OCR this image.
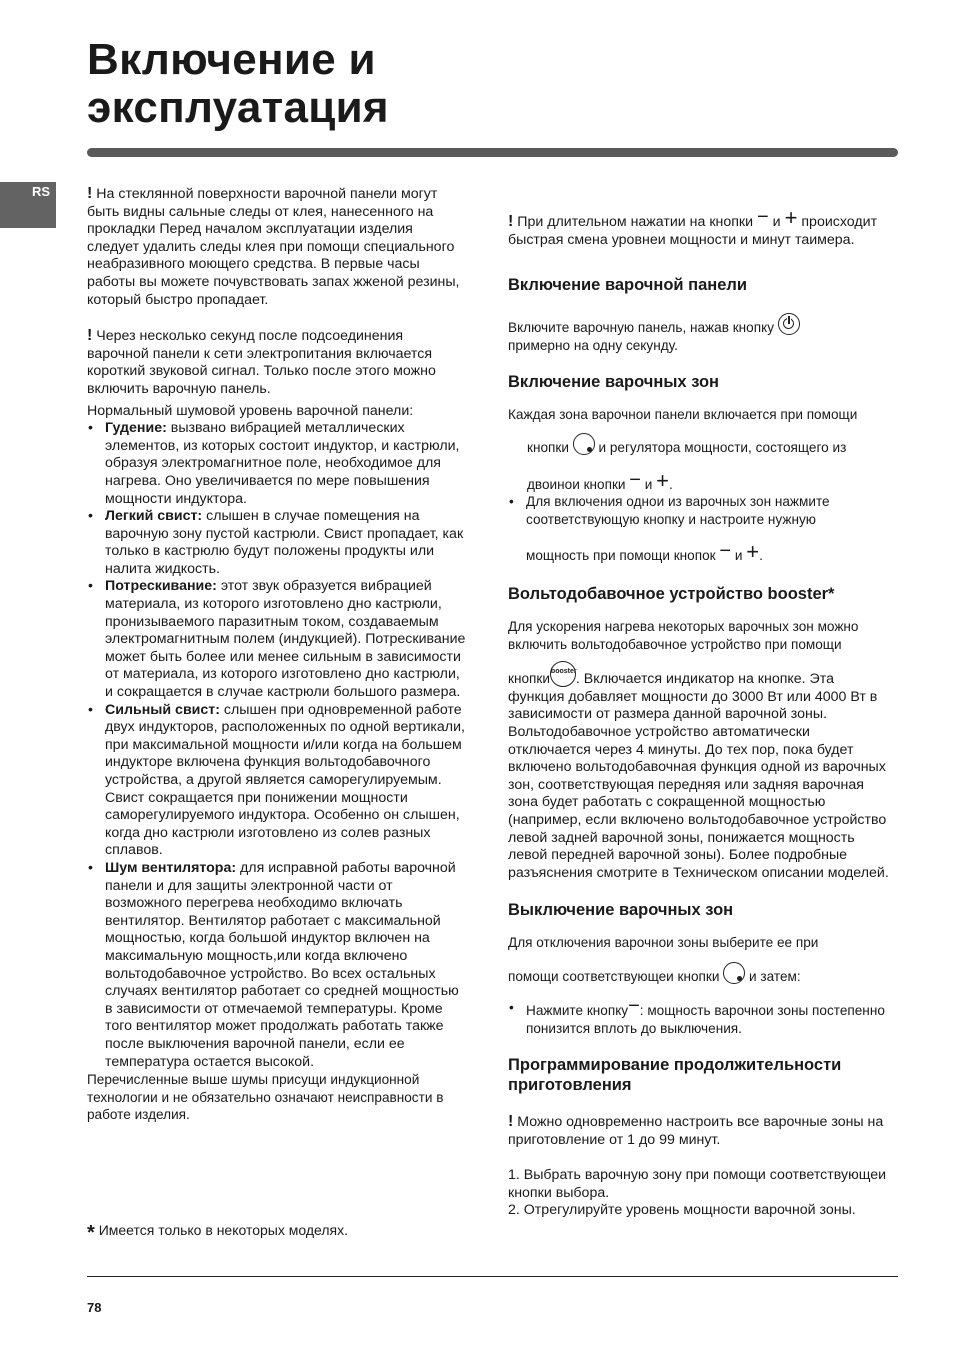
Включение и
эксплуатация
RS	! На стеклянной поверхности варочной панели могут быть видны сальные следы от клея, нанесенного на прокладки Перед началом эксплуатации изделия следует удалить следы клея при помощи специального неабразивного моющего средства. В первые часы работы вы можете почувствовать запах жженой резины, который быстро пропадает.

! Через несколько секунд после подсоединения варочной панели к сети электропитания включается короткий звуковой сигнал. Только после этого можно включить варочную панель.

Нормальный шумовой уровень варочной панели:

• Гудение: вызвано вибрацией металлических элементов, из которых состоит индуктор, и кастрюли, образуя электромагнитное поле, необходимое для нагрева. Оно увеличивается по мере повышения мощности индуктора.
• Легкий свист: слышен в случае помещения на варочную зону пустой кастрюли. Свист пропадает, как только в кастрюлю будут положены продукты или налита жидкость.
• Потрескивание: этот звук образуется вибрацией материала, из которого изготовлено дно кастрюли, пронизываемого паразитным током, создаваемым электромагнитным полем (индукцией). Потрескивание может быть более или менее сильным в зависимости от материала, из которого изготовлено дно кастрюли, и сокращается в случае кастрюли большого размера.
• Сильный свист: слышен при одновременной работе двух индукторов, расположенных по одной вертикали, при максимальной мощности и/или когда на большем индукторе включена функция вольтодобавочного устройства, а другой является саморегулируемым. Свист сокращается при понижении мощности саморегулируемого индуктора. Особенно он слышен, когда дно кастрюли изготовлено из солев разных сплавов.
• Шум вентилятора: для исправной работы варочной панели и для защиты электронной части от возможного перегрева необходимо включать вентилятор. Вентилятор работает с максимальной мощностью, когда большой индуктор включен на максимальную мощность,или когда включено вольтодобавочное устройство. Во всех остальных случаях вентилятор работает со средней мощностью в зависимости от отмечаемой температуры. Кроме того вентилятор может продолжать работать также после выключения варочной панели, если ее температура остается высокой.

Перечисленные выше шумы присущи индукционной технологии и не обязательно означают неисправности в работе изделия.

* Имеется только в некоторых моделях.

! При длительном нажатии на кнопки − и + происходит быстрая смена уровнеи мощности и минут таимера.

Включение варочной панели

Включите варочную панель, нажав кнопку
примерно на одну секунду.

Включение варочных зон

Каждая зона варочнои панели включается при помощи

кнопки и регулятора мощности, состоящего из

двоинои кнопки − и +.

• Для включения однои из варочных зон нажмите соответствующую кнопку и настроите нужную
мощность при помощи кнопок − и +.
Вольтодобавочное устройство booster*

Для ускорения нагрева некоторых варочных зон можно включить вольтодобавочное устройство при помощи

кнопки booster . Включается индикатор на кнопке. Эта функция добавляет мощности до 3000 Вт или 4000 Вт в зависимости от размера данной варочной зоны. Вольтодобавочное устройство автоматически отключается через 4 минуты. До тех пор, пока будет включено вольтодобавочная функция одной из варочных зон, соответствующая передняя или задняя варочная зона будет работать с сокращенной мощностью (например, если включено вольтодобавочное устройство левой задней варочной зоны, понижается мощность левой передней варочной зоны). Более подробные разъяснения смотрите в Техническом описании моделей.

Выключение варочных зон

Для отключения варочнои зоны выберите ее при

помощи соответствующеи кнопки и затем:

• Нажмите кнопку−: мощность варочнои зоны постепенно понизится вплоть до выключения.
Программирование продолжительности приготовления

! Можно одновременно настроить все варочные зоны на приготовление от 1 до 99 минут.

1. Выбрать варочную зону при помощи соответствующеи кнопки выбора.

2. Отрегулируйте уровень мощности варочной зоны.

78
